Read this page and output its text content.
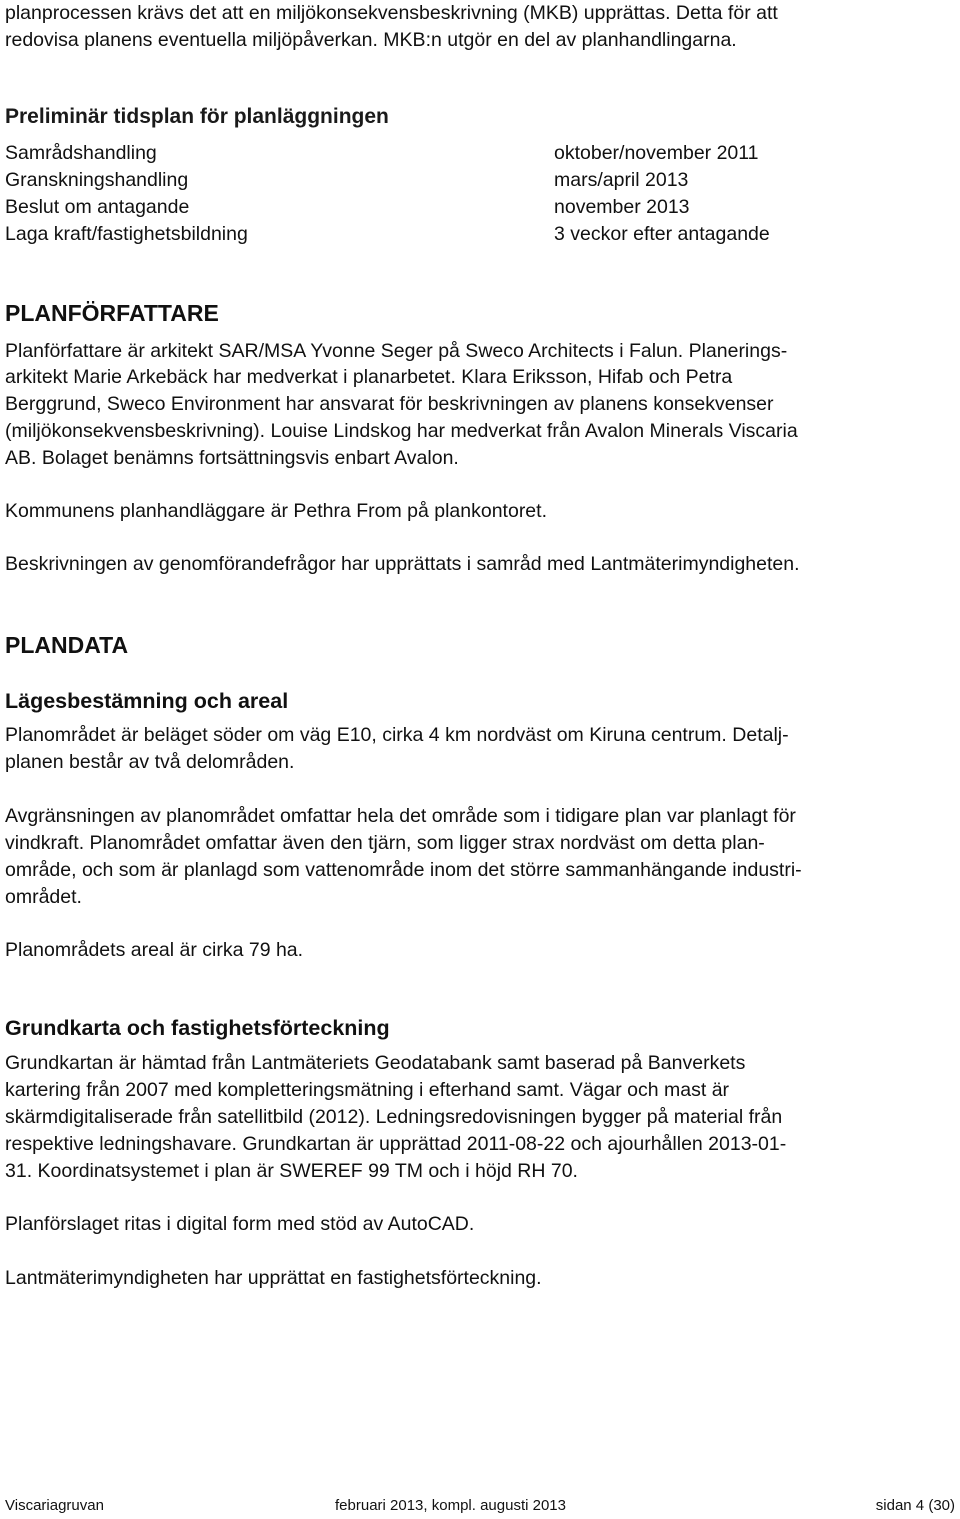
planprocessen krävs det att en miljökonsekvensbeskrivning (MKB) upprättas. Detta för att
redovisa planens eventuella miljöpåverkan. MKB:n utgör en del av planhandlingarna.
Preliminär tidsplan för planläggningen
Samrådshandling	oktober/november 2011
Granskningshandling	mars/april 2013
Beslut om antagande	november 2013
Laga kraft/fastighetsbildning	3 veckor efter antagande
PLANFÖRFATTARE
Planförfattare är arkitekt SAR/MSA Yvonne Seger på Sweco Architects i Falun. Planerings-
arkitekt Marie Arkebäck har medverkat i planarbetet. Klara Eriksson, Hifab och Petra
Berggrund, Sweco Environment har ansvarat för beskrivningen av planens konsekvenser
(miljökonsekvensbeskrivning). Louise Lindskog har medverkat från Avalon Minerals Viscaria
AB. Bolaget benämns fortsättningsvis enbart Avalon.
Kommunens planhandläggare är Pethra From på plankontoret.
Beskrivningen av genomförandefrågor har upprättats i samråd med Lantmäterimyndigheten.
PLANDATA
Lägesbestämning och areal
Planområdet är beläget söder om väg E10, cirka 4 km nordväst om Kiruna centrum. Detalj-
planen består av två delområden.
Avgränsningen av planområdet omfattar hela det område som i tidigare plan var planlagt för
vindkraft. Planområdet omfattar även den tjärn, som ligger strax nordväst om detta plan-
område, och som är planlagd som vattenområde inom det större sammanhängande industri-
området.
Planområdets areal är cirka 79 ha.
Grundkarta och fastighetsförteckning
Grundkartan är hämtad från Lantmäteriets Geodatabank samt baserad på Banverkets
kartering från 2007 med kompletteringsmätning i efterhand samt. Vägar och mast är
skärmdigitaliserade från satellitbild (2012). Ledningsredovisningen bygger på material från
respektive ledningshavare. Grundkartan är upprättad 2011-08-22 och ajourhållen 2013-01-
31. Koordinatsystemet i plan är SWEREF 99 TM och i höjd RH 70.
Planförslaget ritas i digital form med stöd av AutoCAD.
Lantmäterimyndigheten har upprättat en fastighetsförteckning.
Viscariagruvan	februari 2013, kompl. augusti 2013	sidan 4 (30)
